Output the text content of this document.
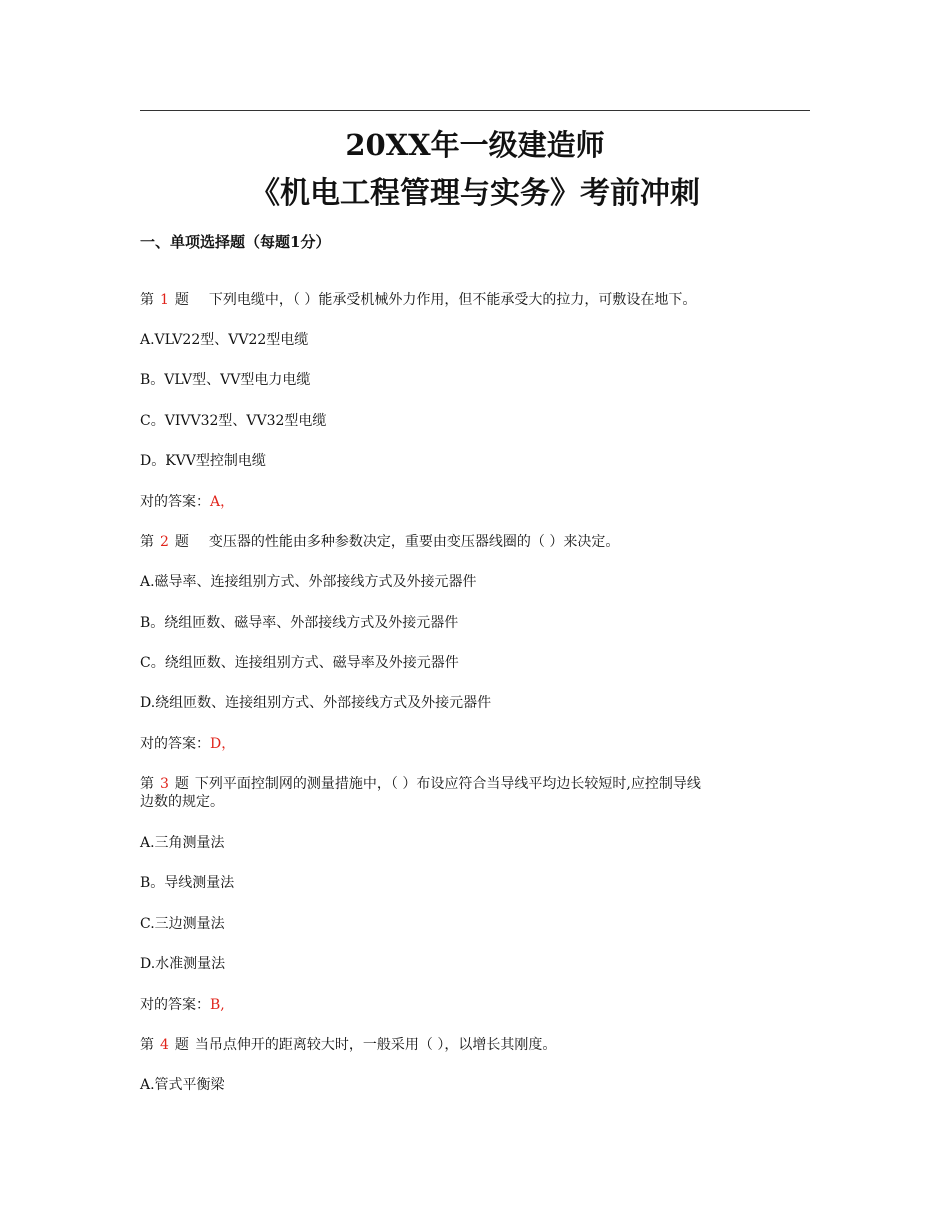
20XX年一级建造师
《机电工程管理与实务》考前冲刺
一、单项选择题（每题1分）
第 1 题 下列电缆中，（ ）能承受机械外力作用，但不能承受大的拉力，可敷设在地下。
A.VLV22型、VV22型电缆
B。VLV型、VV型电力电缆
C。VIVV32型、VV32型电缆
D。KVV型控制电缆
对的答案：A，
第 2 题 变压器的性能由多种参数决定，重要由变压器线圈的（ ）来决定。
A.磁导率、连接组别方式、外部接线方式及外接元器件
B。绕组匝数、磁导率、外部接线方式及外接元器件
C。绕组匝数、连接组别方式、磁导率及外接元器件
D.绕组匝数、连接组别方式、外部接线方式及外接元器件
对的答案：D，
第 3 题 下列平面控制网的测量措施中，（ ）布设应符合当导线平均边长较短时,应控制导线
边数的规定。
A.三角测量法
B。导线测量法
C.三边测量法
D.水准测量法
对的答案：B,
第 4 题 当吊点伸开的距离较大时，一般采用（ ），以增长其刚度。
A.管式平衡梁
